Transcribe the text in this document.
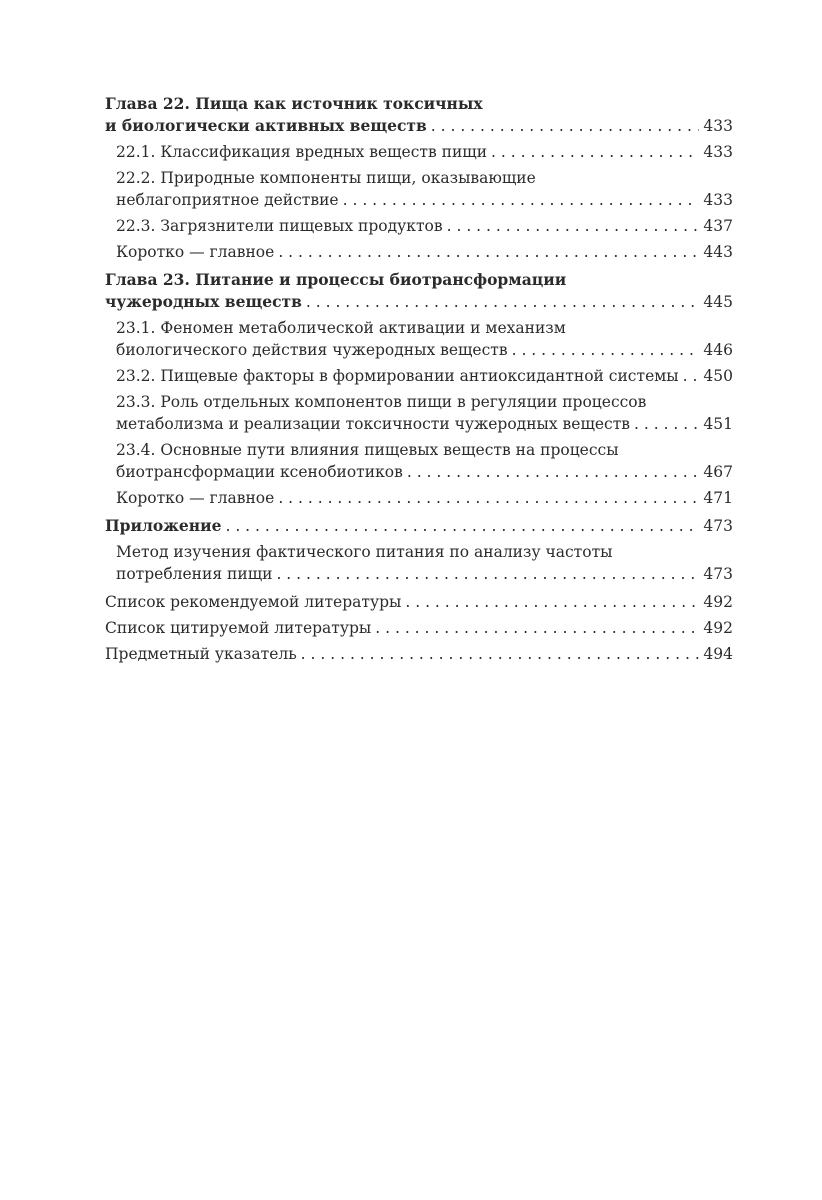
Глава 22. Пища как источник токсичных
и биологически активных веществ . . .	433
22.1. Классификация вредных веществ пищи . . .	433
22.2. Природные компоненты пищи, оказывающие
неблагоприятное действие . . .	433
22.3. Загрязнители пищевых продуктов . . .	437
Коротко — главное . . .	443
Глава 23. Питание и процессы биотрансформации
чужеродных веществ . . .	445
23.1. Феномен метаболической активации и механизм
биологического действия чужеродных веществ . . .	446
23.2. Пищевые факторы в формировании антиоксидантной системы . . . 450
23.3. Роль отдельных компонентов пищи в регуляции процессов
метаболизма и реализации токсичности чужеродных веществ . . .	451
23.4. Основные пути влияния пищевых веществ на процессы
биотрансформации ксенобиотиков . . .	467
Коротко — главное . . .	471
Приложение . . .	473
Метод изучения фактического питания по анализу частоты
потребления пищи . . .	473
Список рекомендуемой литературы . . .	492
Список цитируемой литературы . . .	492
Предметный указатель . . .	494
